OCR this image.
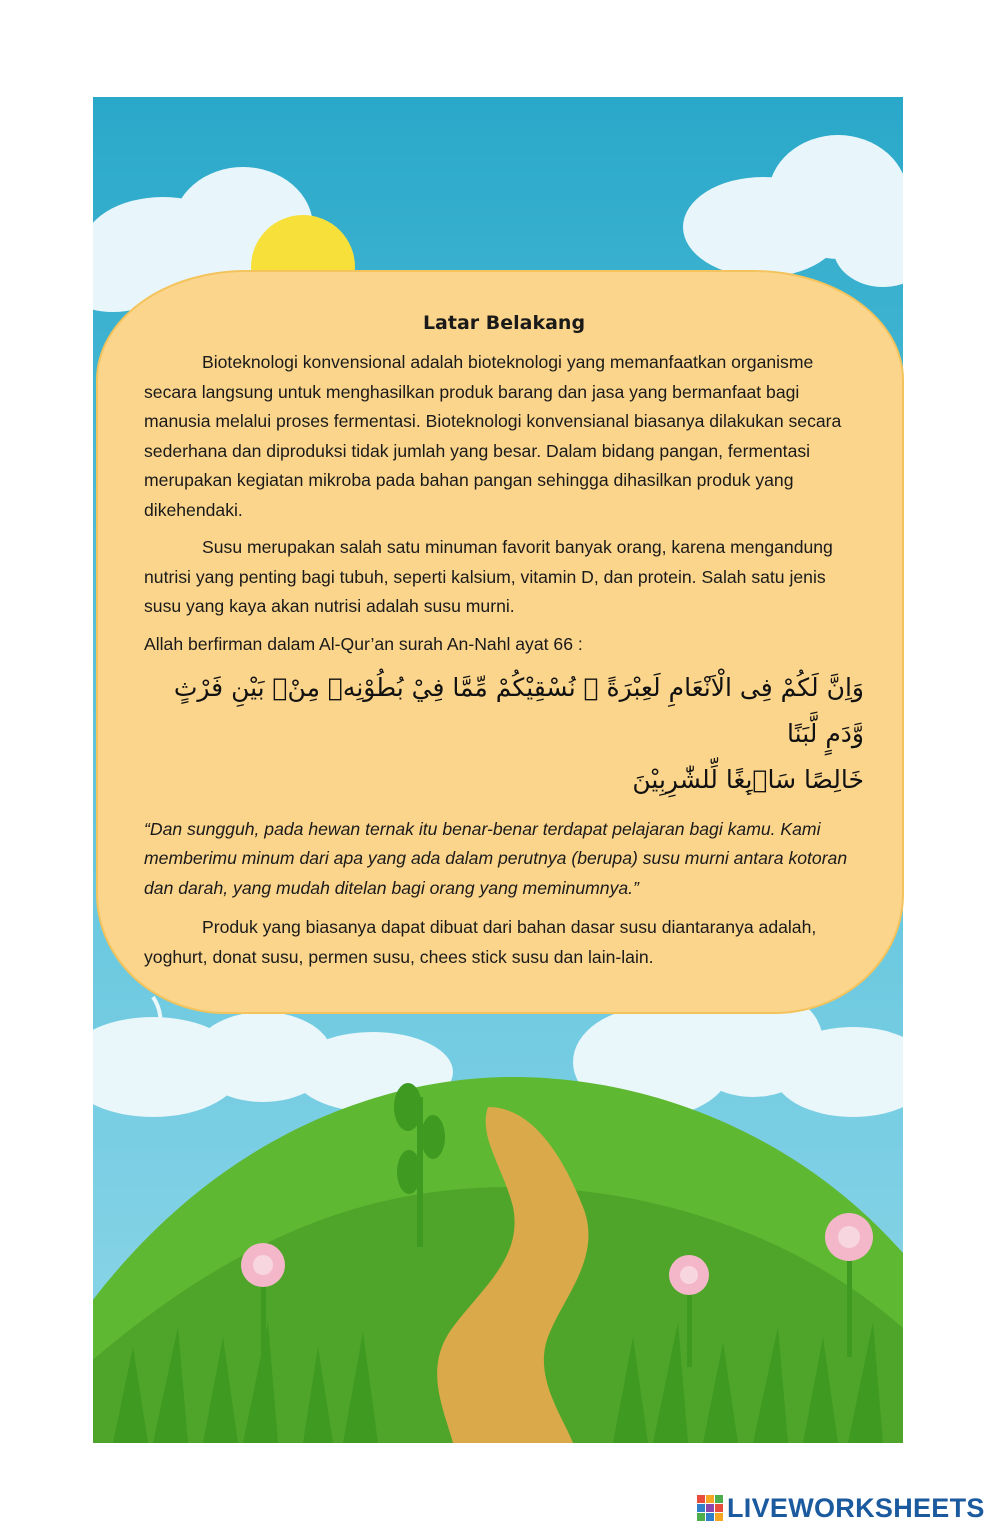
Latar Belakang

Bioteknologi konvensional adalah bioteknologi yang memanfaatkan organisme secara langsung untuk menghasilkan produk barang dan jasa yang bermanfaat bagi manusia melalui proses fermentasi. Bioteknologi konvensianal biasanya dilakukan secara sederhana dan diproduksi tidak jumlah yang besar. Dalam bidang pangan, fermentasi merupakan kegiatan mikroba pada bahan pangan sehingga dihasilkan produk yang dikehendaki.

Susu merupakan salah satu minuman favorit banyak orang, karena mengandung nutrisi yang penting bagi tubuh, seperti kalsium, vitamin D, dan protein. Salah satu jenis susu yang kaya akan nutrisi adalah susu murni.

Allah berfirman dalam Al-Qur’an surah An-Nahl ayat 66 :

وَاِنَّ لَكُمْ فِى الْاَنْعَامِ لَعِبْرَةً ۗ نُسْقِيْكُمْ مِّمَّا فِيْ بُطُوْنِهٖ مِنْۢ بَيْنِ فَرْثٍ وَّدَمٍ لَّبَنًا
خَالِصًا سَاۤىِٕغًا لِّلشّٰرِبِيْنَ

“Dan sungguh, pada hewan ternak itu benar-benar terdapat pelajaran bagi kamu. Kami memberimu minum dari apa yang ada dalam perutnya (berupa) susu murni antara kotoran dan darah, yang mudah ditelan bagi orang yang meminumnya.”

Produk yang biasanya dapat dibuat dari bahan dasar susu diantaranya adalah, yoghurt, donat susu, permen susu, chees stick susu dan lain-lain.

LIVEWORKSHEETS
